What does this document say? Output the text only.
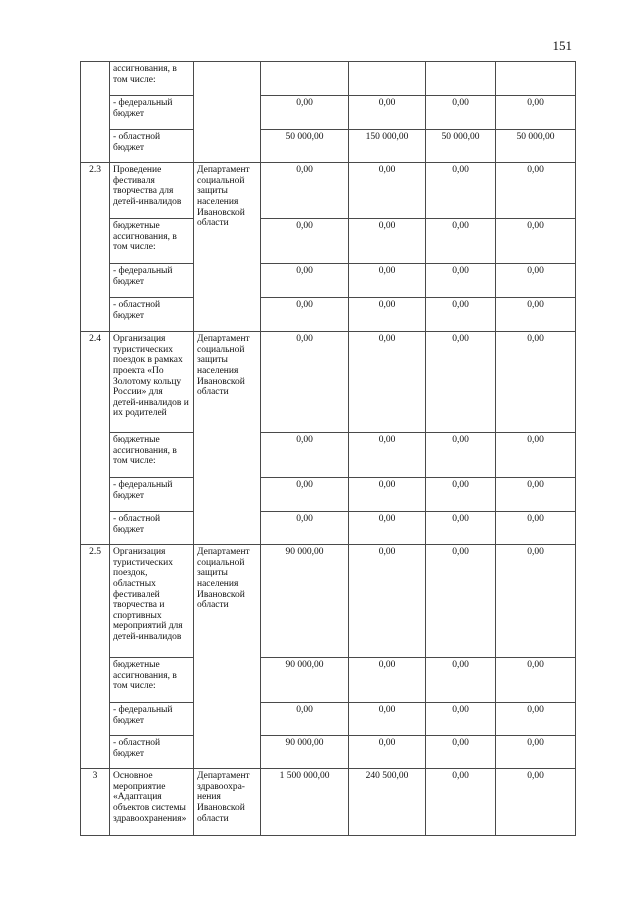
151
	ассигнования, в том числе:					
	- федеральный бюджет		0,00	0,00	0,00	0,00
	- областной бюджет		50 000,00	150 000,00	50 000,00	50 000,00
2.3	Проведение фестиваля творчества для детей-инвалидов	Департамент социальной защиты населения Ивановской области	0,00	0,00	0,00	0,00
	бюджетные ассигнования, в том числе:		0,00	0,00	0,00	0,00
	- федеральный бюджет		0,00	0,00	0,00	0,00
	- областной бюджет		0,00	0,00	0,00	0,00
2.4	Организация туристических поездок в рамках проекта «По Золотому кольцу России» для детей-инвалидов и их родителей	Департамент социальной защиты населения Ивановской области	0,00	0,00	0,00	0,00
	бюджетные ассигнования, в том числе:		0,00	0,00	0,00	0,00
	- федеральный бюджет		0,00	0,00	0,00	0,00
	- областной бюджет		0,00	0,00	0,00	0,00
2.5	Организация туристических поездок, областных фестивалей творчества и спортивных мероприятий для детей-инвалидов	Департамент социальной защиты населения Ивановской области	90 000,00	0,00	0,00	0,00
	бюджетные ассигнования, в том числе:		90 000,00	0,00	0,00	0,00
	- федеральный бюджет		0,00	0,00	0,00	0,00
	- областной бюджет		90 000,00	0,00	0,00	0,00
3	Основное мероприятие «Адаптация объектов системы здравоохранения»	Департамент здравоохра-нения Ивановской области	1 500 000,00	240 500,00	0,00	0,00
